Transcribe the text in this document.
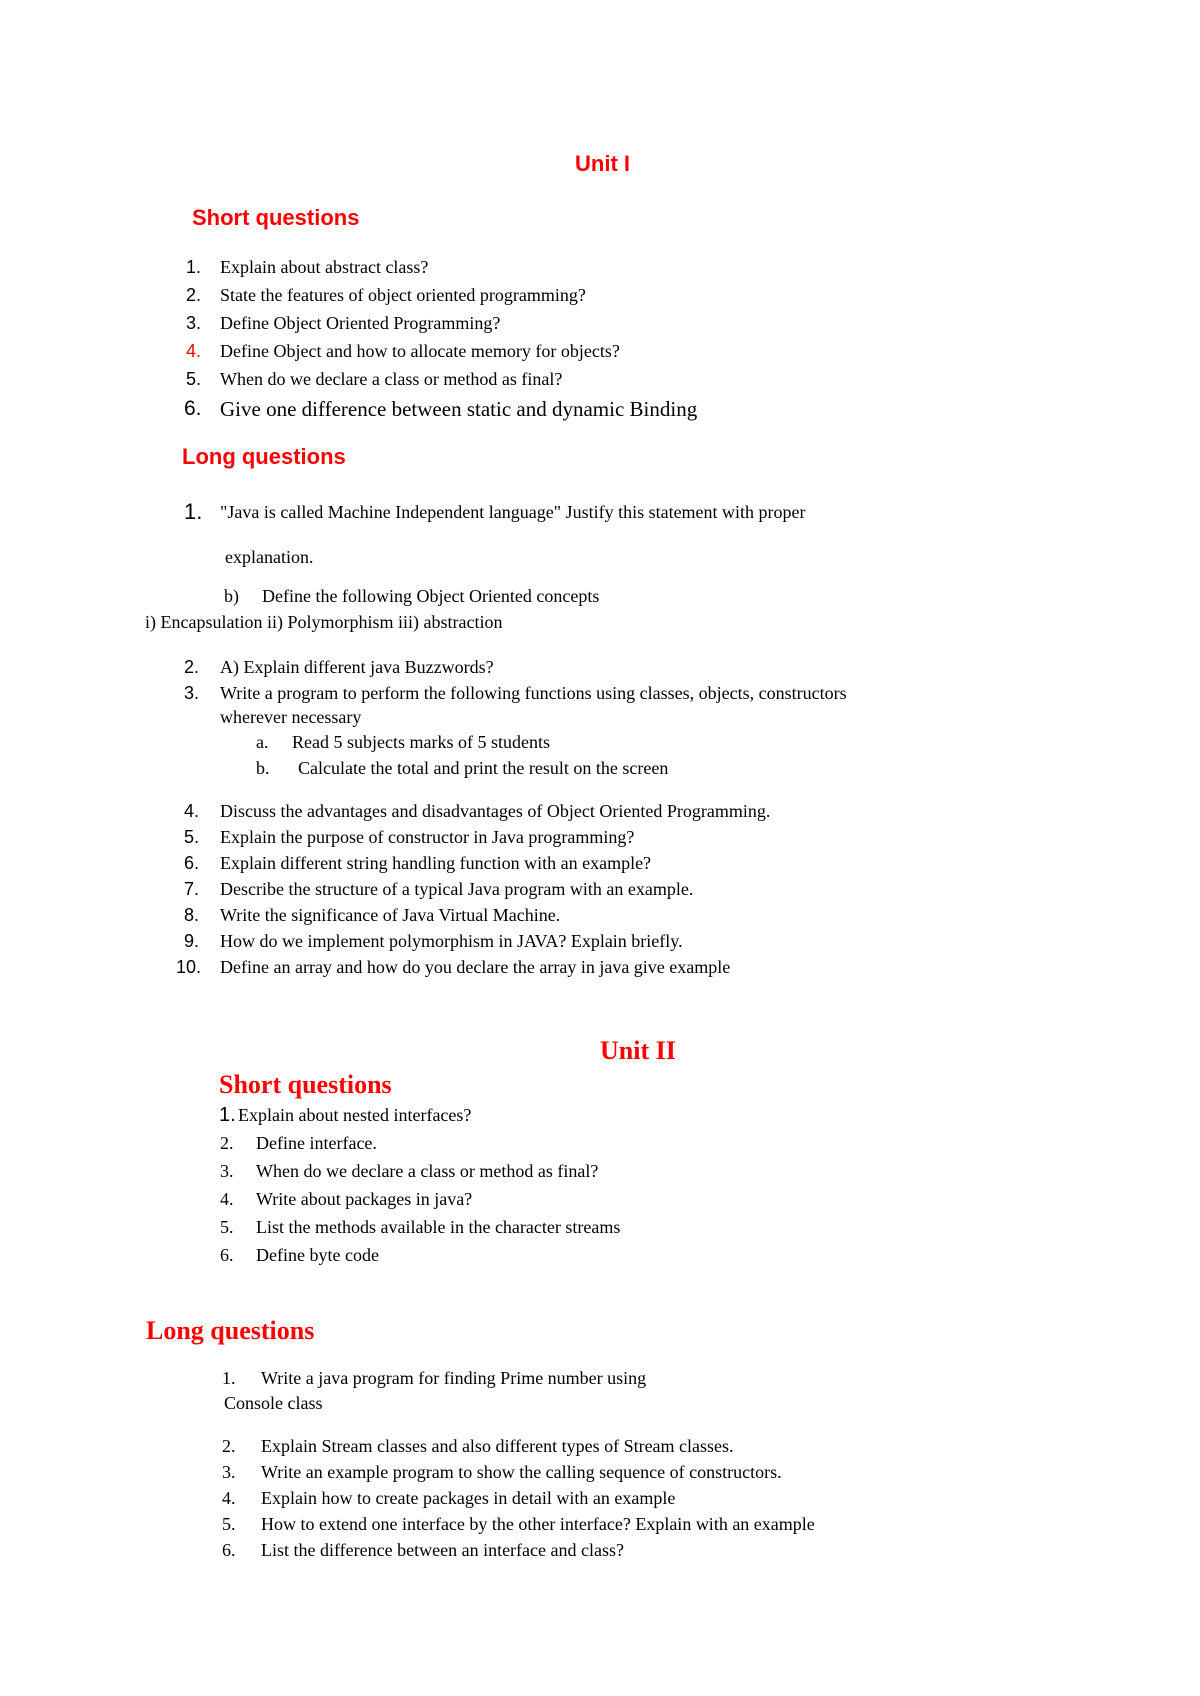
Unit I
Short questions
1. Explain about abstract class?
2. State the features of object oriented programming?
3. Define Object Oriented Programming?
4. Define Object and how to allocate memory for objects?
5. When do we declare a class or method as final?
6. Give one difference between static and dynamic Binding
Long questions
1. "Java is called Machine Independent language" Justify this statement with proper
explanation.
b) Define the following Object Oriented concepts
i) Encapsulation ii) Polymorphism iii) abstraction
2. A) Explain different java Buzzwords?
3. Write a program to perform the following functions using classes, objects, constructors
wherever necessary
a. Read 5 subjects marks of 5 students
b. Calculate the total and print the result on the screen
4. Discuss the advantages and disadvantages of Object Oriented Programming.
5. Explain the purpose of constructor in Java programming?
6. Explain different string handling function with an example?
7. Describe the structure of a typical Java program with an example.
8. Write the significance of Java Virtual Machine.
9. How do we implement polymorphism in JAVA? Explain briefly.
10. Define an array and how do you declare the array in java give example
Unit II
Short questions
1. Explain about nested interfaces?
2. Define interface.
3. When do we declare a class or method as final?
4. Write about packages in java?
5. List the methods available in the character streams
6. Define byte code
Long questions
1. Write a java program for finding Prime number using
Console class
2. Explain Stream classes and also different types of Stream classes.
3. Write an example program to show the calling sequence of constructors.
4. Explain how to create packages in detail with an example
5. How to extend one interface by the other interface? Explain with an example
6. List the difference between an interface and class?
